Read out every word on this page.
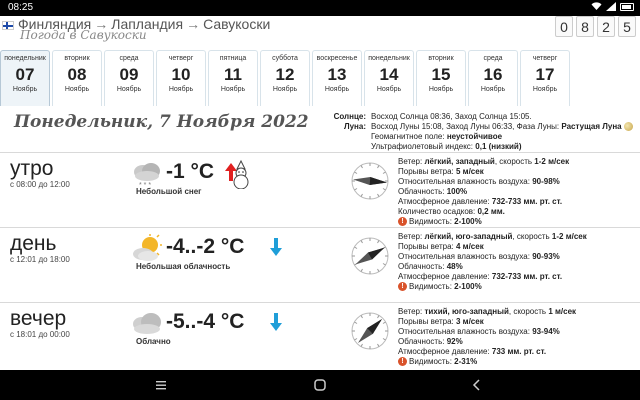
08:25
Финляндия → Лапландия → Савукоски
Погода в Савукоски	0 8 2 5
понедельник
07
Ноябрь
вторник
08
Ноябрь
среда
09
Ноябрь
четверг
10
Ноябрь
пятница
11
Ноябрь
суббота
12
Ноябрь
воскресенье
13
Ноябрь
понедельник
14
Ноябрь
вторник
15
Ноябрь
среда
16
Ноябрь
четверг
17
Ноябрь
Понедельник, 7 Ноября 2022	Солнце: Восход Солнца 08:36, Заход Солнца 15:05.
Луна: Восход Луны 15:08, Заход Луны 06:33, Фаза Луны: Растущая Луна
Геомагнитное поле: неустойчивое
Ультрафиолетовый индекс: 0,1 (низкий)
утро
с 08:00 до 12:00	* * *
-1 °C
Небольшой снег
Ветер: лёгкий, западный, скорость 1-2 м/сек
Порывы ветра: 5 м/сек
Относительная влажность воздуха: 90-98%
Облачность: 100%
Атмосферное давление: 732-733 мм. рт. ст.
Количество осадков: 0,2 мм.
! Видимость: 2-100%
день
с 12:01 до 18:00
-4..-2 °C
Небольшая облачность
Ветер: лёгкий, юго-западный, скорость 1-2 м/сек
Порывы ветра: 4 м/сек
Относительная влажность воздуха: 90-93%
Облачность: 48%
Атмосферное давление: 732-733 мм. рт. ст.
! Видимость: 2-100%
вечер
с 18:01 до 00:00
-5..-4 °C
Облачно
Ветер: тихий, юго-западный, скорость 1 м/сек
Порывы ветра: 3 м/сек
Относительная влажность воздуха: 93-94%
Облачность: 92%
Атмосферное давление: 733 мм. рт. ст.
! Видимость: 2-31%
